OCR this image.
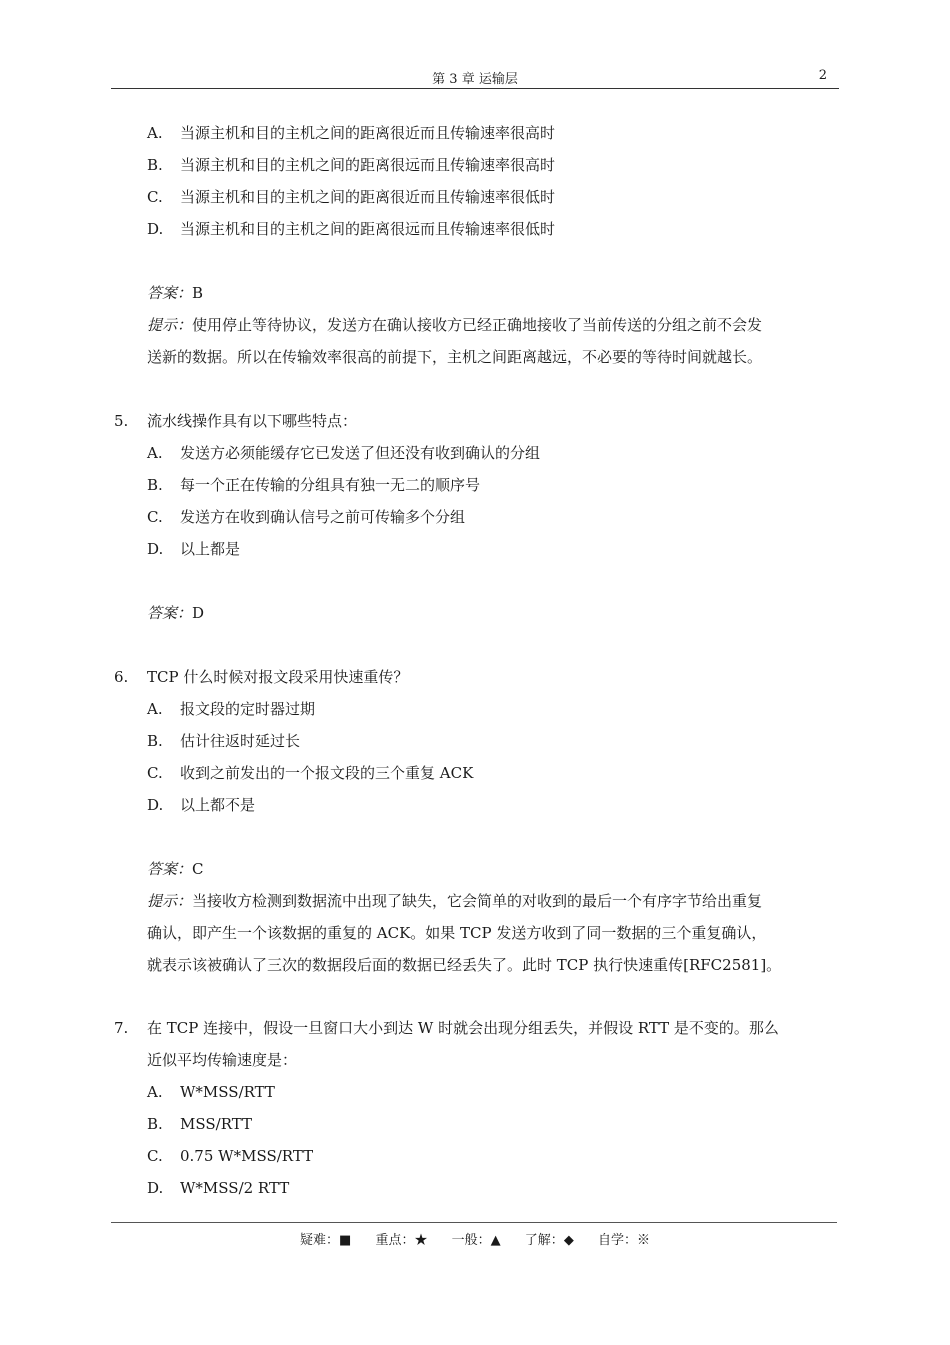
第 3 章 运输层	2
A. 当源主机和目的主机之间的距离很近而且传输速率很高时
B. 当源主机和目的主机之间的距离很远而且传输速率很高时
C. 当源主机和目的主机之间的距离很近而且传输速率很低时
D. 当源主机和目的主机之间的距离很远而且传输速率很低时
答案：B
提示：使用停止等待协议，发送方在确认接收方已经正确地接收了当前传送的分组之前不会发
送新的数据。所以在传输效率很高的前提下，主机之间距离越远，不必要的等待时间就越长。
5. 流水线操作具有以下哪些特点：
A. 发送方必须能缓存它已发送了但还没有收到确认的分组
B. 每一个正在传输的分组具有独一无二的顺序号
C. 发送方在收到确认信号之前可传输多个分组
D. 以上都是
答案：D
6. TCP 什么时候对报文段采用快速重传？
A. 报文段的定时器过期
B. 估计往返时延过长
C. 收到之前发出的一个报文段的三个重复 ACK
D. 以上都不是
答案：C
提示：当接收方检测到数据流中出现了缺失，它会简单的对收到的最后一个有序字节给出重复
确认，即产生一个该数据的重复的 ACK。如果 TCP 发送方收到了同一数据的三个重复确认，
就表示该被确认了三次的数据段后面的数据已经丢失了。此时 TCP 执行快速重传[RFC2581]。
7. 在 TCP 连接中，假设一旦窗口大小到达 W 时就会出现分组丢失，并假设 RTT 是不变的。那么
近似平均传输速度是：
A. W*MSS/RTT
B. MSS/RTT
C. 0.75 W*MSS/RTT
D. W*MSS/2 RTT
疑难：■ 重点：★ 一般：▲ 了解：◆ 自学：※
